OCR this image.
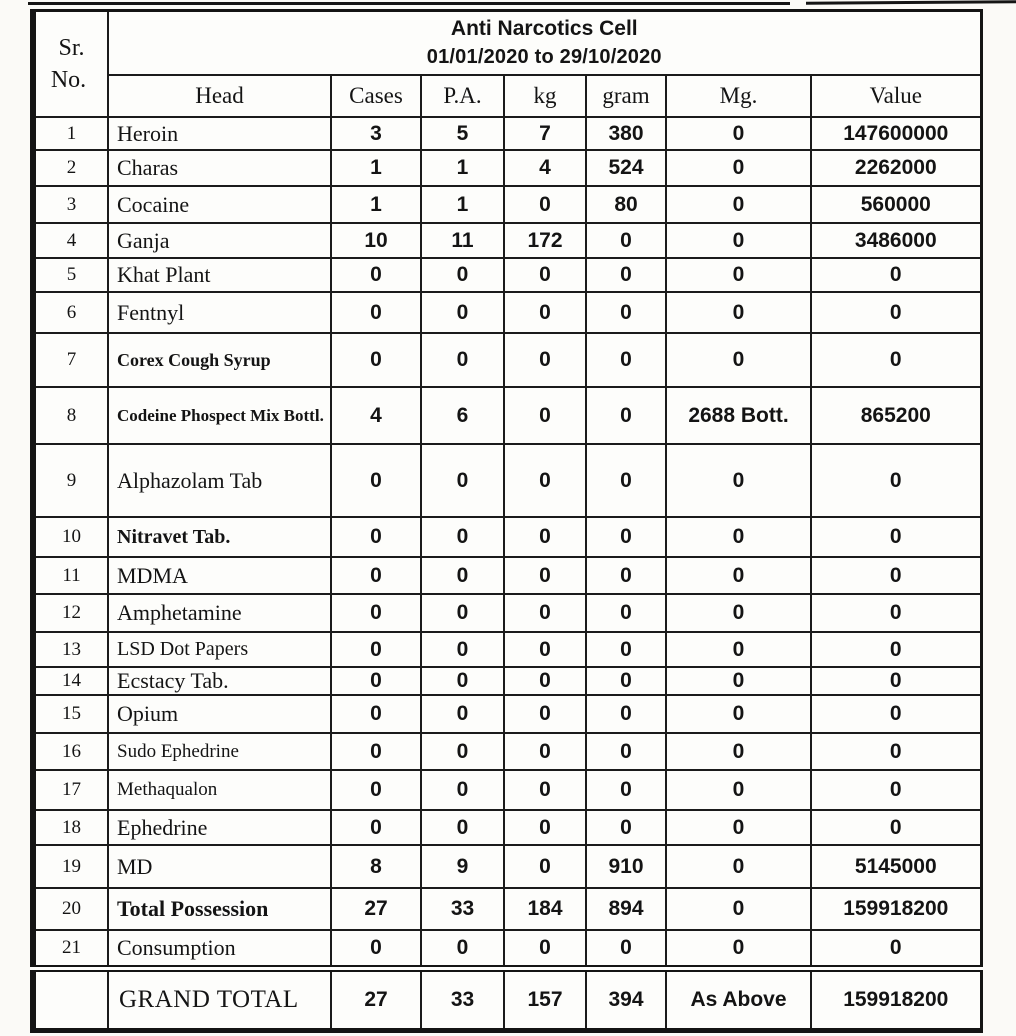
Sr.
No.

Anti Narcotics Cell
01/01/2020 to 29/10/2020

	Head	Cases	P.A.	kg	gram	Mg.	Value
1	Heroin	3	5	7	380	0	147600000
2	Charas	1	1	4	524	0	2262000
3	Cocaine	1	1	0	80	0	560000
4	Ganja	10	11	172	0	0	3486000
5	Khat Plant	0	0	0	0	0	0
6	Fentnyl	0	0	0	0	0	0
7	Corex Cough Syrup	0	0	0	0	0	0
8	Codeine Phospect Mix Bottl.	4	6	0	0	2688 Bott.	865200
9	Alphazolam Tab	0	0	0	0	0	0
10	Nitravet Tab.	0	0	0	0	0	0
11	MDMA	0	0	0	0	0	0
12	Amphetamine	0	0	0	0	0	0
13	LSD Dot Papers	0	0	0	0	0	0
14	Ecstacy Tab.	0	0	0	0	0	0
15	Opium	0	0	0	0	0	0
16	Sudo Ephedrine	0	0	0	0	0	0
17	Methaqualon	0	0	0	0	0	0
18	Ephedrine	0	0	0	0	0	0
19	MD	8	9	0	910	0	5145000
20	Total Possession	27	33	184	894	0	159918200
21	Consumption	0	0	0	0	0	0
	GRAND TOTAL	27	33	157	394	As Above	159918200
